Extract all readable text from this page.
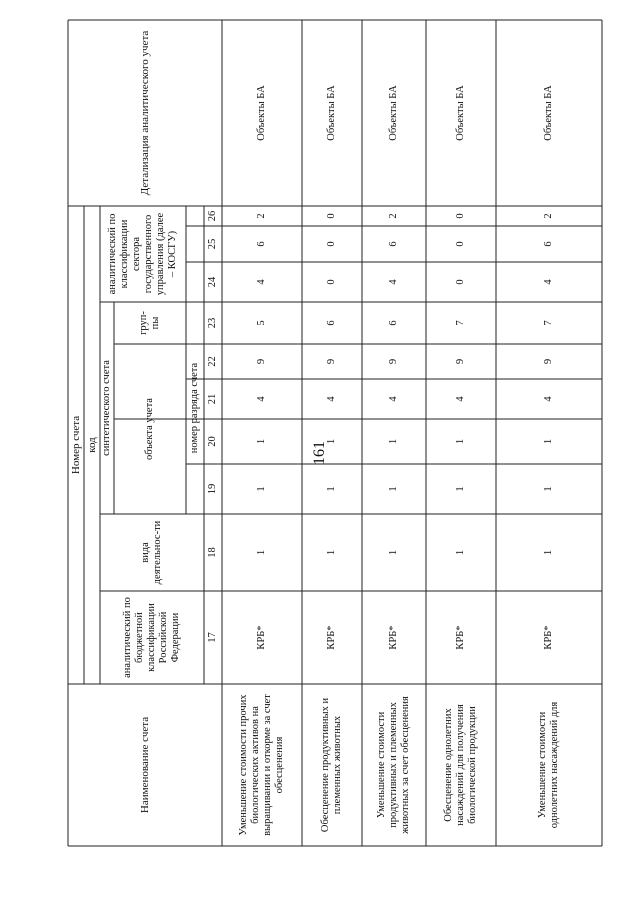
161
Наименование счета
Номер счета код
аналитический по бюджетной классификации Российской Федерации
вида деятельнос-ти
синтетического счета	объекта учета
груп-пы
аналитический по классификации сектора государственного управления (далее – КОСГУ)
Детализация аналитического учета
номер разряда счета
17
18
19
20
21
22
23
24
25
26
Уменьшение стоимости прочих биологических активов на выращивании и откорме за счет обесценения
КРБ*
1
1
1
4
9
5
4
6
2
Объекты БА
Обесценение продуктивных и племенных животных
КРБ*
1
1
1
4
9
6
0
0
0
Объекты БА
Уменьшение стоимости продуктивных и племенных животных за счет обесценения
КРБ*
1
1
1
4
9
6
4
6
2
Объекты БА
Обесценение однолетних насаждений для получения биологической продукции
КРБ*
1
1
1
4
9
7
0
0
0
Объекты БА
Уменьшение стоимости однолетних насаждений для
КРБ*
1
1
1
4
9
7
4
6
2
Объекты БА
